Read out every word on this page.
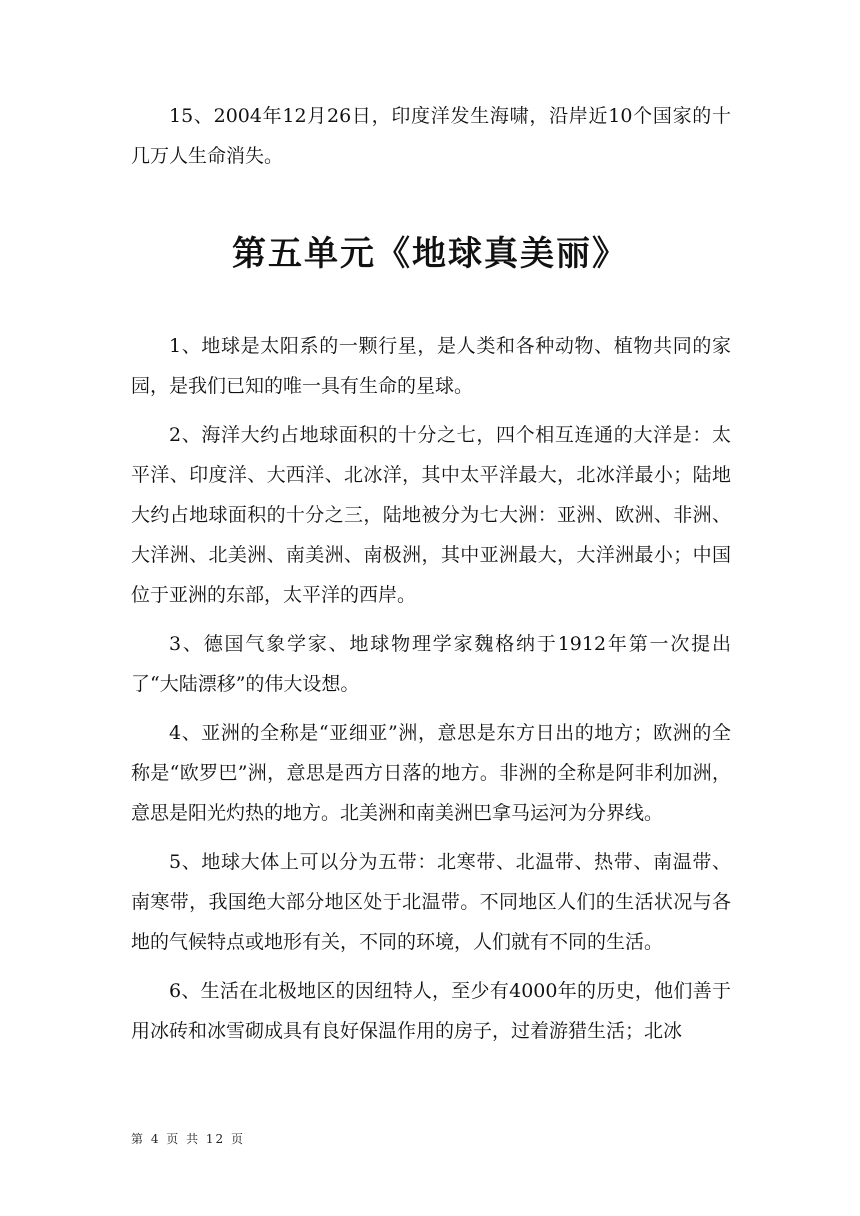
15、2004年12月26日，印度洋发生海啸，沿岸近10个国家的十几万人生命消失。

第五单元《地球真美丽》

1、地球是太阳系的一颗行星，是人类和各种动物、植物共同的家园，是我们已知的唯一具有生命的星球。

2、海洋大约占地球面积的十分之七，四个相互连通的大洋是：太平洋、印度洋、大西洋、北冰洋，其中太平洋最大，北冰洋最小；陆地大约占地球面积的十分之三，陆地被分为七大洲：亚洲、欧洲、非洲、大洋洲、北美洲、南美洲、南极洲，其中亚洲最大，大洋洲最小；中国位于亚洲的东部，太平洋的西岸。

3、德国气象学家、地球物理学家魏格纳于1912年第一次提出了“大陆漂移”的伟大设想。

4、亚洲的全称是“亚细亚”洲，意思是东方日出的地方；欧洲的全称是“欧罗巴”洲，意思是西方日落的地方。非洲的全称是阿非利加洲，意思是阳光灼热的地方。北美洲和南美洲巴拿马运河为分界线。

5、地球大体上可以分为五带：北寒带、北温带、热带、南温带、南寒带，我国绝大部分地区处于北温带。不同地区人们的生活状况与各地的气候特点或地形有关，不同的环境，人们就有不同的生活。

6、生活在北极地区的因纽特人，至少有4000年的历史，他们善于用冰砖和冰雪砌成具有良好保温作用的房子，过着游猎生活；北冰

第 4 页 共 12 页
